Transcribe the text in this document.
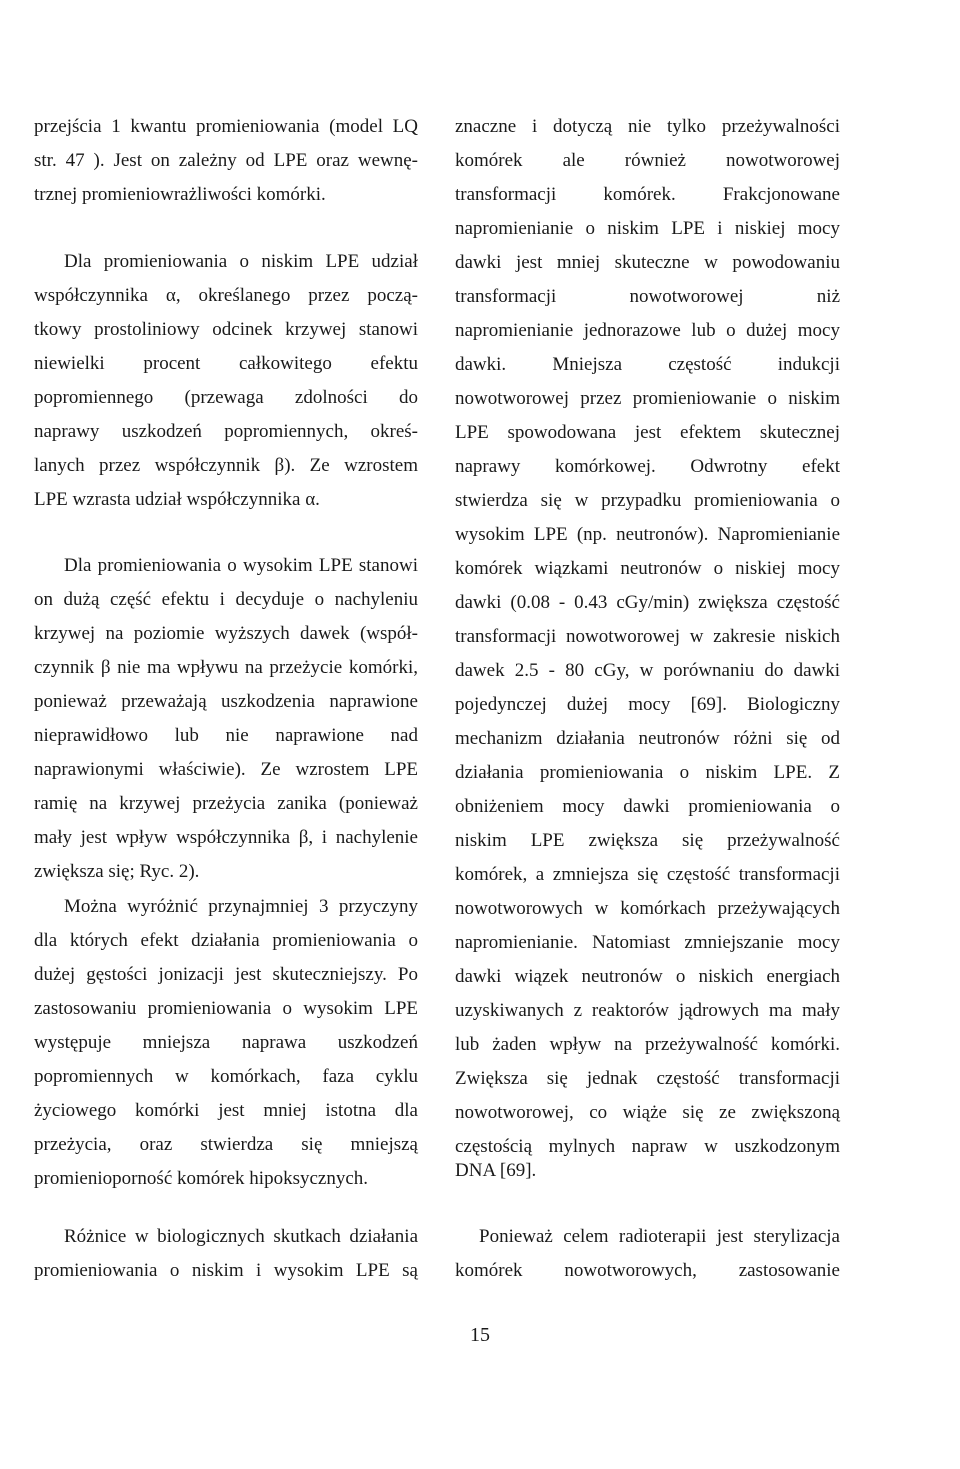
przejścia 1 kwantu promieniowania (model LQ
str. 47 ). Jest on zależny od LPE oraz wewnę-
trznej promieniowrażliwości komórki.
Dla promieniowania o niskim LPE udział
współczynnika α, określanego przez począ-
tkowy prostoliniowy odcinek krzywej stanowi
niewielki procent całkowitego efektu
popromiennego (przewaga zdolności do
naprawy uszkodzeń popromiennych, okreś-
lanych przez współczynnik β). Ze wzrostem
LPE wzrasta udział współczynnika α.
Dla promieniowania o wysokim LPE stanowi
on dużą część efektu i decyduje o nachyleniu
krzywej na poziomie wyższych dawek (współ-
czynnik β nie ma wpływu na przeżycie komórki,
ponieważ przeważają uszkodzenia naprawione
nieprawidłowo lub nie naprawione nad
naprawionymi właściwie). Ze wzrostem LPE
ramię na krzywej przeżycia zanika (ponieważ
mały jest wpływ współczynnika β, i nachylenie
zwiększa się; Ryc. 2).
Można wyróżnić przynajmniej 3 przyczyny
dla których efekt działania promieniowania o
dużej gęstości jonizacji jest skuteczniejszy. Po
zastosowaniu promieniowania o wysokim LPE
występuje mniejsza naprawa uszkodzeń
popromiennych w komórkach, faza cyklu
życiowego komórki jest mniej istotna dla
przeżycia, oraz stwierdza się mniejszą
promienioporność komórek hipoksycznych.
Różnice w biologicznych skutkach działania
promieniowania o niskim i wysokim LPE są
znaczne i dotyczą nie tylko przeżywalności
komórek ale również nowotworowej
transformacji komórek. Frakcjonowane
napromienianie o niskim LPE i niskiej mocy
dawki jest mniej skuteczne w powodowaniu
transformacji nowotworowej niż
napromienianie jednorazowe lub o dużej mocy
dawki. Mniejsza częstość indukcji
nowotworowej przez promieniowanie o niskim
LPE spowodowana jest efektem skutecznej
naprawy komórkowej. Odwrotny efekt
stwierdza się w przypadku promieniowania o
wysokim LPE (np. neutronów). Napromienianie
komórek wiązkami neutronów o niskiej mocy
dawki (0.08 - 0.43 cGy/min) zwiększa częstość
transformacji nowotworowej w zakresie niskich
dawek 2.5 - 80 cGy, w porównaniu do dawki
pojedynczej dużej mocy [69]. Biologiczny
mechanizm działania neutronów różni się od
działania promieniowania o niskim LPE. Z
obniżeniem mocy dawki promieniowania o
niskim LPE zwiększa się przeżywalność
komórek, a zmniejsza się częstość transformacji
nowotworowych w komórkach przeżywających
napromienianie. Natomiast zmniejszanie mocy
dawki wiązek neutronów o niskich energiach
uzyskiwanych z reaktorów jądrowych ma mały
lub żaden wpływ na przeżywalność komórki.
Zwiększa się jednak częstość transformacji
nowotworowej, co wiąże się ze zwiększoną
częstością mylnych napraw w uszkodzonym
DNA [69].
Ponieważ celem radioterapii jest sterylizacja
komórek nowotworowych, zastosowanie
15
